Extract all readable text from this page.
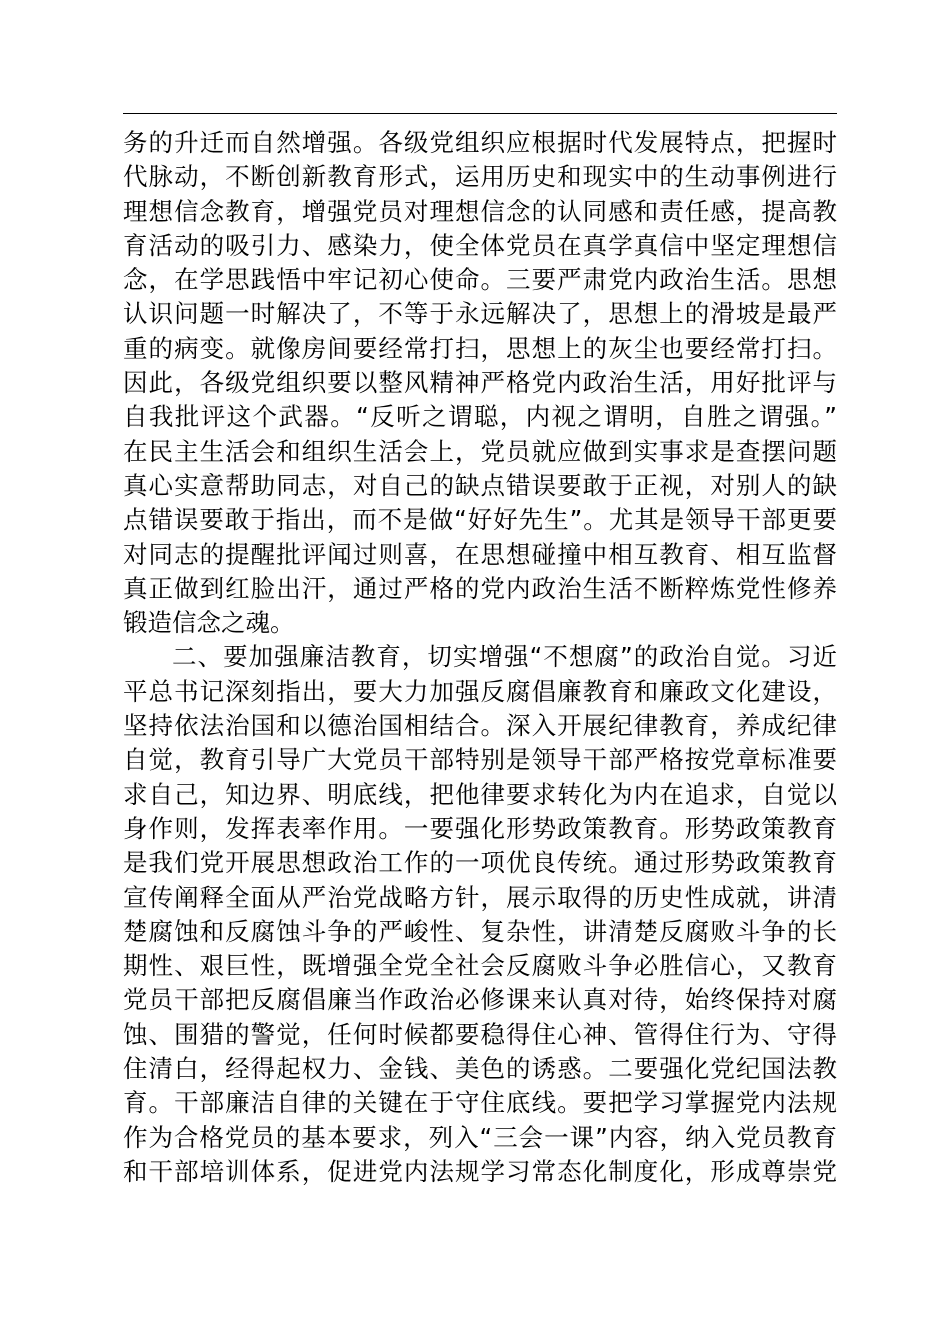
务的升迁而自然增强。各级党组织应根据时代发展特点，把握时
代脉动，不断创新教育形式，运用历史和现实中的生动事例进行
理想信念教育，增强党员对理想信念的认同感和责任感，提高教
育活动的吸引力、感染力，使全体党员在真学真信中坚定理想信
念，在学思践悟中牢记初心使命。三要严肃党内政治生活。思想
认识问题一时解决了，不等于永远解决了，思想上的滑坡是最严
重的病变。就像房间要经常打扫，思想上的灰尘也要经常打扫。
因此，各级党组织要以整风精神严格党内政治生活，用好批评与
自我批评这个武器。“反听之谓聪，内视之谓明，自胜之谓强。”
在民主生活会和组织生活会上，党员就应做到实事求是查摆问题
真心实意帮助同志，对自己的缺点错误要敢于正视，对别人的缺
点错误要敢于指出，而不是做“好好先生”。尤其是领导干部更要
对同志的提醒批评闻过则喜，在思想碰撞中相互教育、相互监督
真正做到红脸出汗，通过严格的党内政治生活不断粹炼党性修养
锻造信念之魂。
二、要加强廉洁教育，切实增强“不想腐”的政治自觉。习近
平总书记深刻指出，要大力加强反腐倡廉教育和廉政文化建设，
坚持依法治国和以德治国相结合。深入开展纪律教育，养成纪律
自觉，教育引导广大党员干部特别是领导干部严格按党章标准要
求自己，知边界、明底线，把他律要求转化为内在追求，自觉以
身作则，发挥表率作用。一要强化形势政策教育。形势政策教育
是我们党开展思想政治工作的一项优良传统。通过形势政策教育
宣传阐释全面从严治党战略方针，展示取得的历史性成就，讲清
楚腐蚀和反腐蚀斗争的严峻性、复杂性，讲清楚反腐败斗争的长
期性、艰巨性，既增强全党全社会反腐败斗争必胜信心，又教育
党员干部把反腐倡廉当作政治必修课来认真对待，始终保持对腐
蚀、围猎的警觉，任何时候都要稳得住心神、管得住行为、守得
住清白，经得起权力、金钱、美色的诱惑。二要强化党纪国法教
育。干部廉洁自律的关键在于守住底线。要把学习掌握党内法规
作为合格党员的基本要求，列入“三会一课”内容，纳入党员教育
和干部培训体系，促进党内法规学习常态化制度化，形成尊崇党
